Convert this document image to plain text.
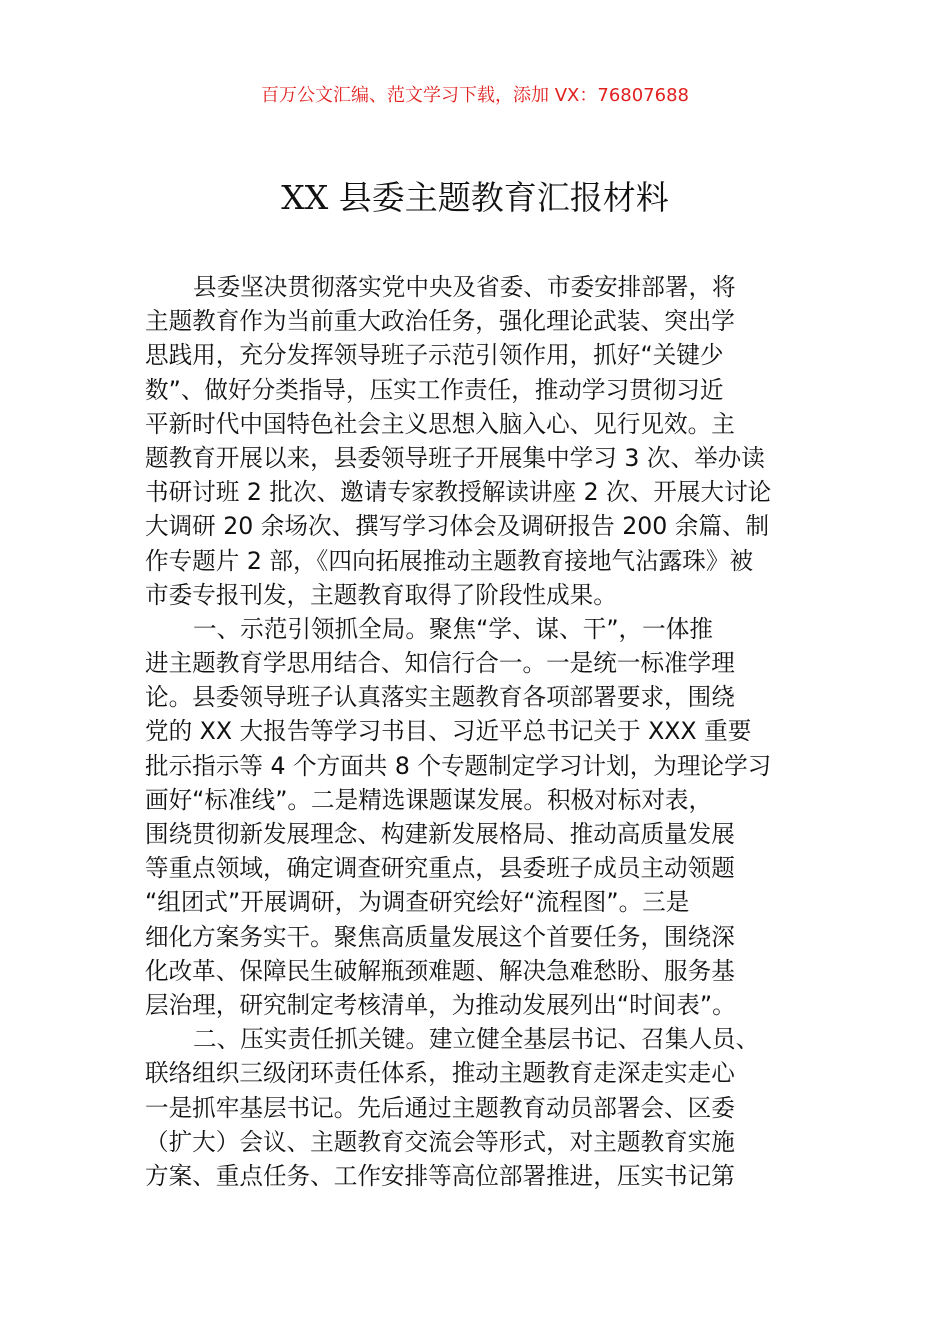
百万公文汇编、范文学习下载，添加 VX：76807688
XX 县委主题教育汇报材料
县委坚决贯彻落实党中央及省委、市委安排部署，将
主题教育作为当前重大政治任务，强化理论武装、突出学
思践用，充分发挥领导班子示范引领作用，抓好“关键少
数”、做好分类指导，压实工作责任，推动学习贯彻习近
平新时代中国特色社会主义思想入脑入心、见行见效。主
题教育开展以来，县委领导班子开展集中学习 3 次、举办读
书研讨班 2 批次、邀请专家教授解读讲座 2 次、开展大讨论
大调研 20 余场次、撰写学习体会及调研报告 200 余篇、制
作专题片 2 部，《四向拓展推动主题教育接地气沾露珠》被
市委专报刊发，主题教育取得了阶段性成果。
一、示范引领抓全局。聚焦“学、谋、干”，一体推
进主题教育学思用结合、知信行合一。一是统一标准学理
论。县委领导班子认真落实主题教育各项部署要求，围绕
党的 XX 大报告等学习书目、习近平总书记关于 XXX 重要
批示指示等 4 个方面共 8 个专题制定学习计划，为理论学习
画好“标准线”。二是精选课题谋发展。积极对标对表，
围绕贯彻新发展理念、构建新发展格局、推动高质量发展
等重点领域，确定调查研究重点，县委班子成员主动领题
“组团式”开展调研，为调查研究绘好“流程图”。三是
细化方案务实干。聚焦高质量发展这个首要任务，围绕深
化改革、保障民生破解瓶颈难题、解决急难愁盼、服务基
层治理，研究制定考核清单，为推动发展列出“时间表”。
二、压实责任抓关键。建立健全基层书记、召集人员、
联络组织三级闭环责任体系，推动主题教育走深走实走心
一是抓牢基层书记。先后通过主题教育动员部署会、区委
（扩大）会议、主题教育交流会等形式，对主题教育实施
方案、重点任务、工作安排等高位部署推进，压实书记第
